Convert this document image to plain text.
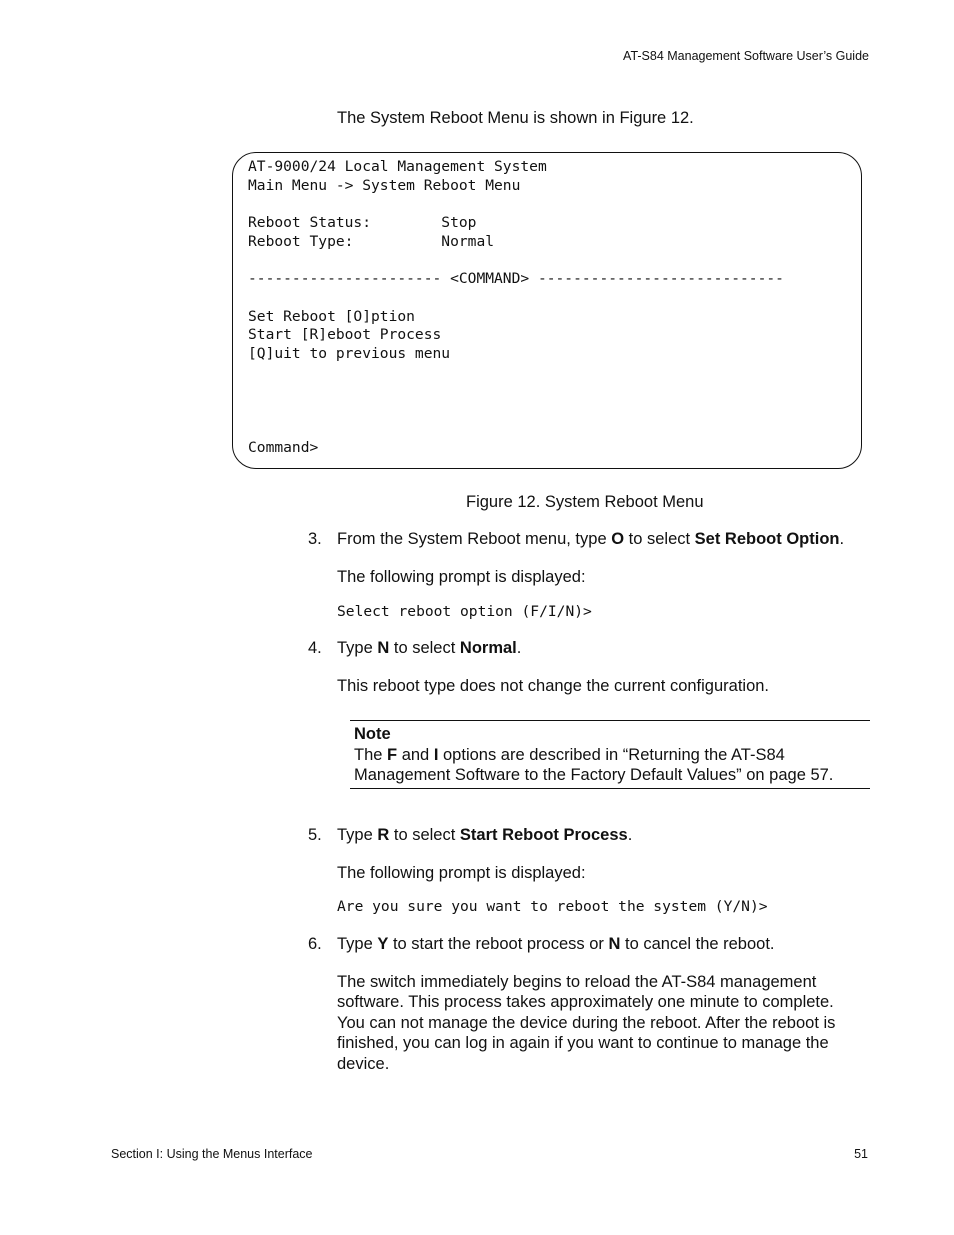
AT-S84 Management Software User’s Guide
The System Reboot Menu is shown in Figure 12.
AT-9000/24 Local Management System
Main Menu -> System Reboot Menu
Reboot Status:        Stop
Reboot Type:          Normal
---------------------- <COMMAND> ----------------------------
Set Reboot [O]ption
Start [R]eboot Process
[Q]uit to previous menu
Command>
Figure 12. System Reboot Menu
3. From the System Reboot menu, type O to select Set Reboot Option.
The following prompt is displayed:
Select reboot option (F/I/N)>
4. Type N to select Normal.
This reboot type does not change the current configuration.
Note
The F and I options are described in “Returning the AT-S84
Management Software to the Factory Default Values” on page 57.
5. Type R to select Start Reboot Process.
The following prompt is displayed:
Are you sure you want to reboot the system (Y/N)>
6. Type Y to start the reboot process or N to cancel the reboot.
The switch immediately begins to reload the AT-S84 management
software. This process takes approximately one minute to complete.
You can not manage the device during the reboot. After the reboot is
finished, you can log in again if you want to continue to manage the
device.
Section I: Using the Menus Interface	51
